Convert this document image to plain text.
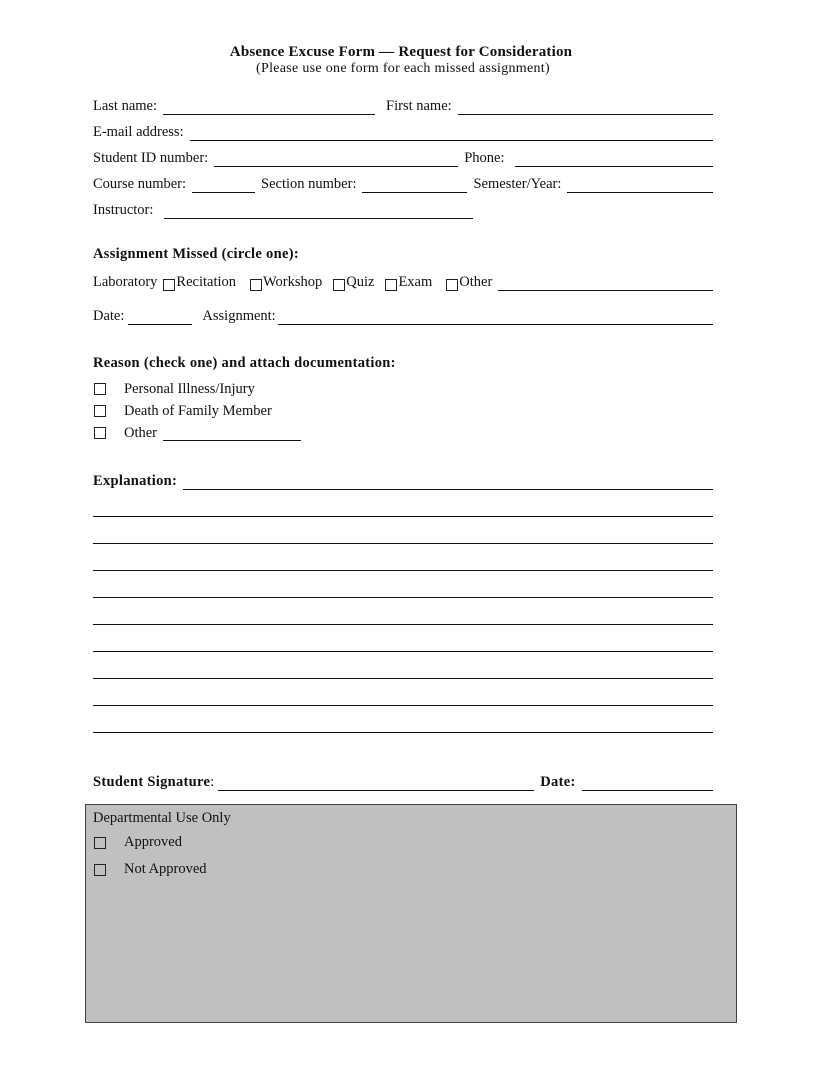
Absence Excuse Form — Request for Consideration
(Please use one form for each missed assignment)
Last name:	First name:
E-mail address:
Student ID number:	Phone:
Course number:	Section number:	Semester/Year:
Instructor:
Assignment Missed (circle one):
Laboratory Recitation Workshop Quiz Exam Other
Date:	Assignment:
Reason (check one) and attach documentation:
Personal Illness/Injury
Death of Family Member
Other
Explanation:
Student Signature :	Date:
Departmental Use Only
Approved
Not Approved
